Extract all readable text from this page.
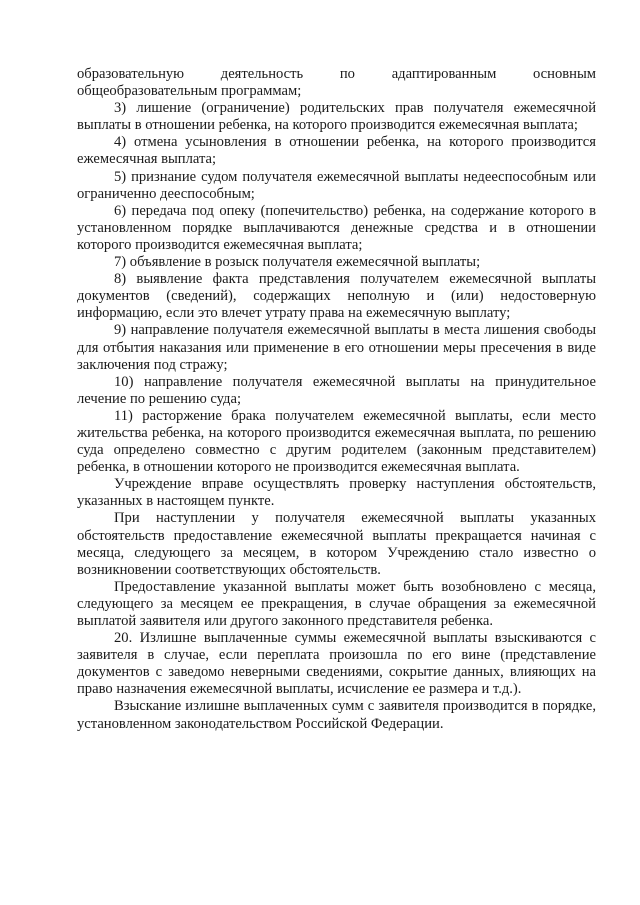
образовательную деятельность по адаптированным основным общеобразовательным программам;

3) лишение (ограничение) родительских прав получателя ежемесячной выплаты в отношении ребенка, на которого производится ежемесячная выплата;

4) отмена усыновления в отношении ребенка, на которого производится ежемесячная выплата;

5) признание судом получателя ежемесячной выплаты недееспособным или ограниченно дееспособным;

6) передача под опеку (попечительство) ребенка, на содержание которого в установленном порядке выплачиваются денежные средства и в отношении которого производится ежемесячная выплата;

7) объявление в розыск получателя ежемесячной выплаты;

8) выявление факта представления получателем ежемесячной выплаты документов (сведений), содержащих неполную и (или) недостоверную информацию, если это влечет утрату права на ежемесячную выплату;

9) направление получателя ежемесячной выплаты в места лишения свободы для отбытия наказания или применение в его отношении меры пресечения в виде заключения под стражу;

10) направление получателя ежемесячной выплаты на принудительное лечение по решению суда;

11) расторжение брака получателем ежемесячной выплаты, если место жительства ребенка, на которого производится ежемесячная выплата, по решению суда определено совместно с другим родителем (законным представителем) ребенка, в отношении которого не производится ежемесячная выплата.

Учреждение вправе осуществлять проверку наступления обстоятельств, указанных в настоящем пункте.

При наступлении у получателя ежемесячной выплаты указанных обстоятельств предоставление ежемесячной выплаты прекращается начиная с месяца, следующего за месяцем, в котором Учреждению стало известно о возникновении соответствующих обстоятельств.

Предоставление указанной выплаты может быть возобновлено с месяца, следующего за месяцем ее прекращения, в случае обращения за ежемесячной выплатой заявителя или другого законного представителя ребенка.

20. Излишне выплаченные суммы ежемесячной выплаты взыскиваются с заявителя в случае, если переплата произошла по его вине (представление документов с заведомо неверными сведениями, сокрытие данных, влияющих на право назначения ежемесячной выплаты, исчисление ее размера и т.д.).

Взыскание излишне выплаченных сумм с заявителя производится в порядке, установленном законодательством Российской Федерации.
